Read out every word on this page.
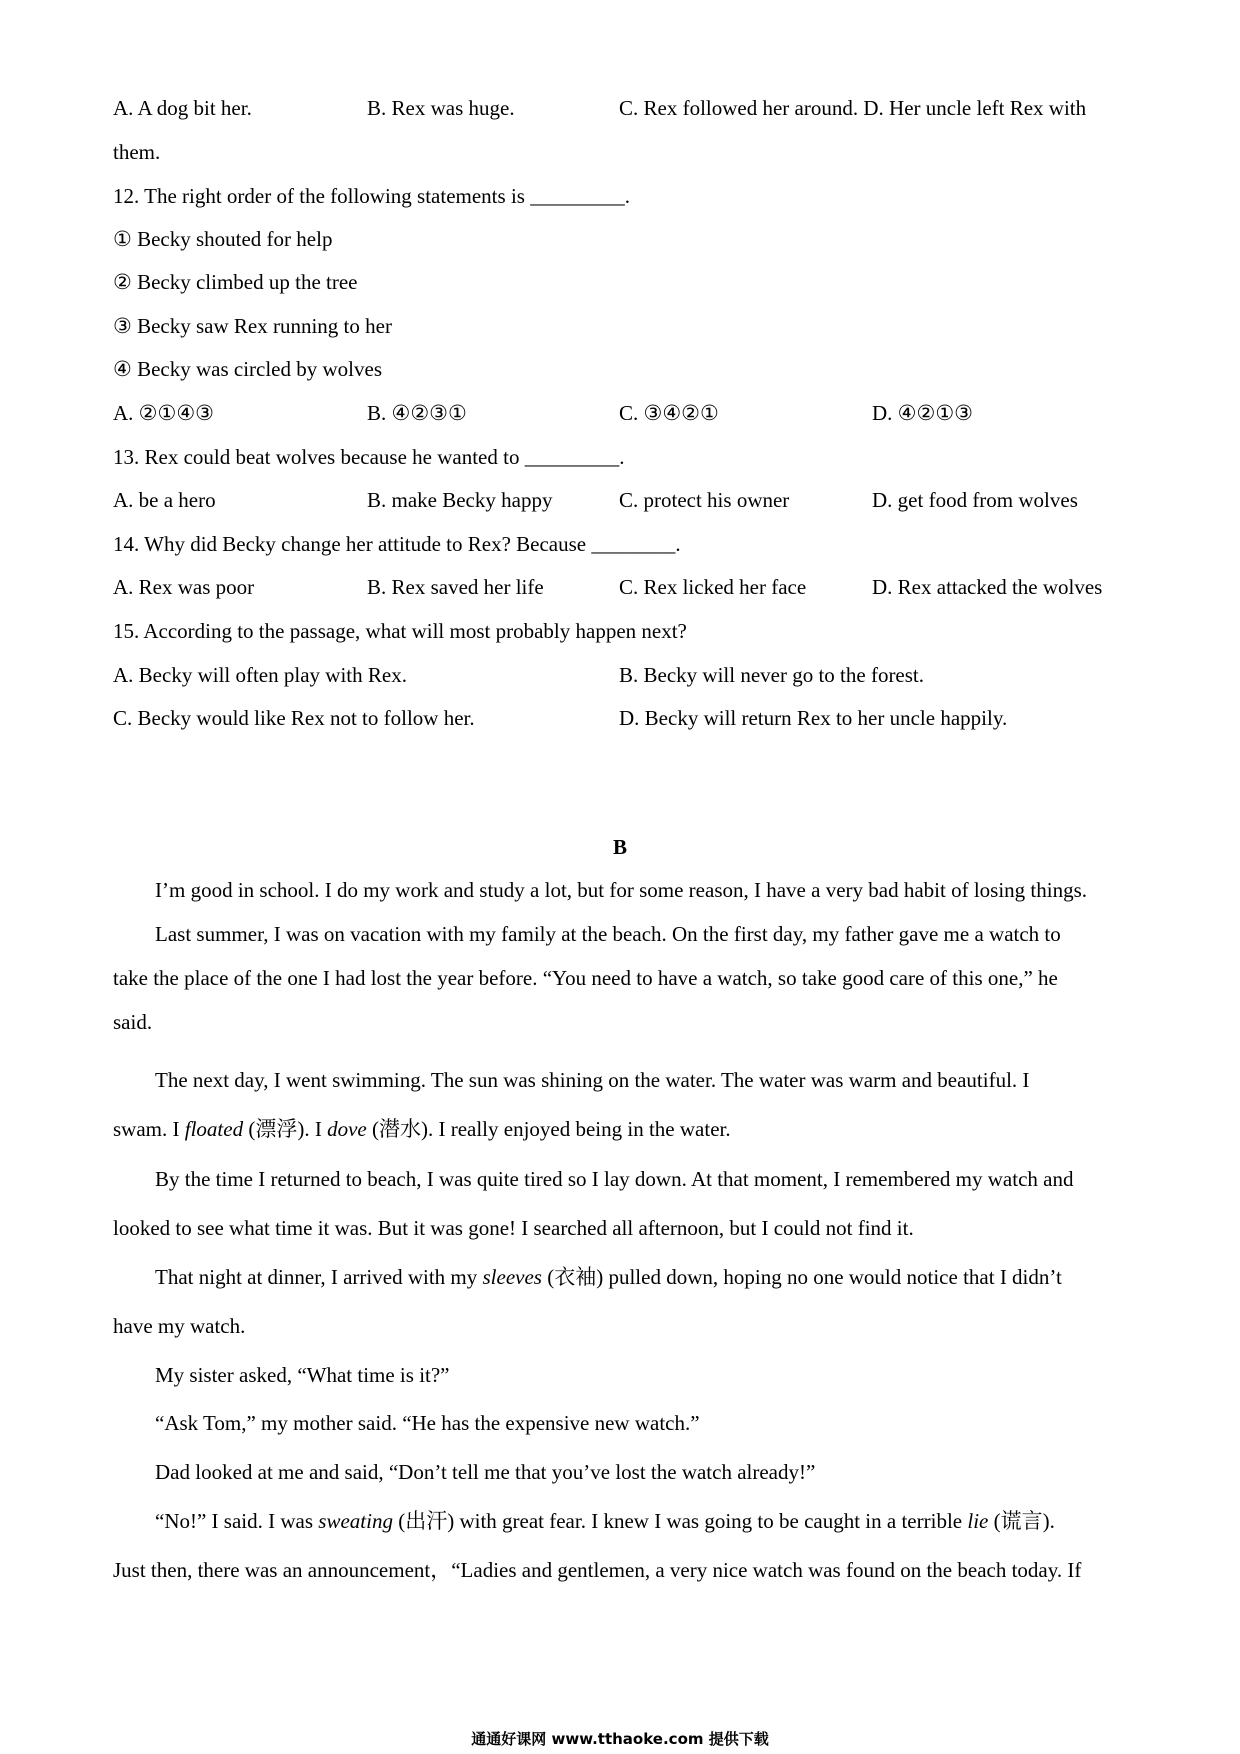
A. A dog bit her.	B. Rex was huge.	C. Rex followed her around. D. Her uncle left Rex with
them.
12. The right order of the following statements is _________.
① Becky shouted for help
② Becky climbed up the tree
③ Becky saw Rex running to her
④ Becky was circled by wolves
A. ②①④③	B. ④②③①	C. ③④②①	D. ④②①③
13. Rex could beat wolves because he wanted to _________.
A. be a hero	B. make Becky happy	C. protect his owner	D. get food from wolves
14. Why did Becky change her attitude to Rex? Because ________.
A. Rex was poor	B. Rex saved her life	C. Rex licked her face	D. Rex attacked the wolves
15. According to the passage, what will most probably happen next?
A. Becky will often play with Rex.	B. Becky will never go to the forest.
C. Becky would like Rex not to follow her.	D. Becky will return Rex to her uncle happily.
B
I’m good in school. I do my work and study a lot, but for some reason, I have a very bad habit of losing things.
Last summer, I was on vacation with my family at the beach. On the first day, my father gave me a watch to
take the place of the one I had lost the year before. “You need to have a watch, so take good care of this one,” he
said.
The next day, I went swimming. The sun was shining on the water. The water was warm and beautiful. I
swam. I floated (漂浮). I dove (潜水). I really enjoyed being in the water.
By the time I returned to beach, I was quite tired so I lay down. At that moment, I remembered my watch and
looked to see what time it was. But it was gone! I searched all afternoon, but I could not find it.
That night at dinner, I arrived with my sleeves (衣袖) pulled down, hoping no one would notice that I didn’t
have my watch.
My sister asked, “What time is it?”
“Ask Tom,” my mother said. “He has the expensive new watch.”
Dad looked at me and said, “Don’t tell me that you’ve lost the watch already!”
“No!” I said. I was sweating (出汗) with great fear. I knew I was going to be caught in a terrible lie (谎言).
Just then, there was an announcement，“Ladies and gentlemen, a very nice watch was found on the beach today. If
通通好课网 www.tthaoke.com 提供下载
